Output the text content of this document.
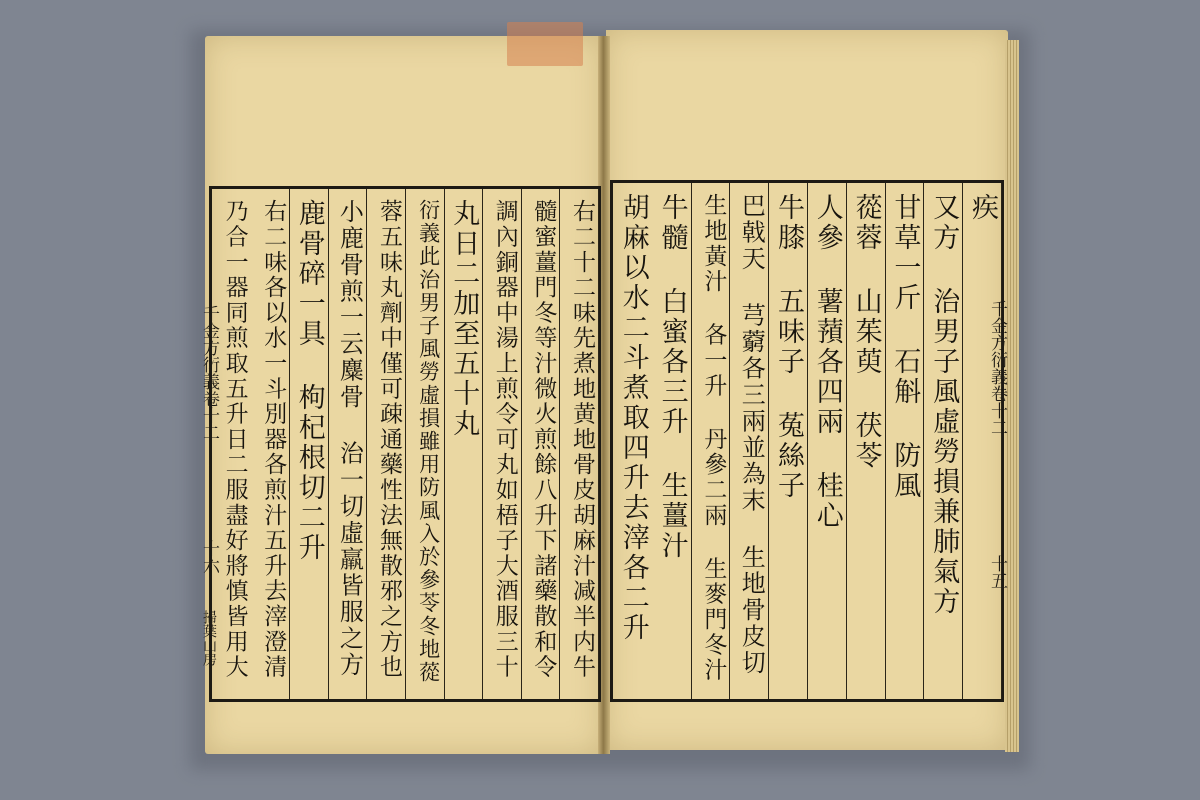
右二十二味先煮地黄地骨皮胡麻汁减半内牛
髓蜜薑門冬等汁微火煎餘八升下諸藥散和令
調內銅器中湯上煎令可丸如梧子大酒服三十
丸日二加至五十丸
衍義此治男子風勞虛損雖用防風入於參苓冬地蓯
蓉五味丸劑中僅可疎通藥性法無散邪之方也
小鹿骨煎一云麋骨 治一切虛羸皆服之方
鹿骨碎一具 枸杞根切二升
右二味各以水一斗別器各煎汁五升去滓澄清
乃合一器同煎取五升日二服盡好將慎皆用大
千金方衍義卷十二
十六
掃葉山房
疾
又方 治男子風虛勞損兼肺氣方
甘草一斤 石斛 防風
蓯蓉 山茱萸 茯苓
人參 薯蕷各四兩 桂心
牛膝 五味子 菟絲子
巴戟天 芎藭各三兩並為末 生地骨皮切
生地黃汁 各一升 丹參二兩 生麥門冬汁
牛髓 白蜜各三升 生薑汁
胡麻以水二斗煮取四升去滓各二升	千金方衍義卷十二
十五
